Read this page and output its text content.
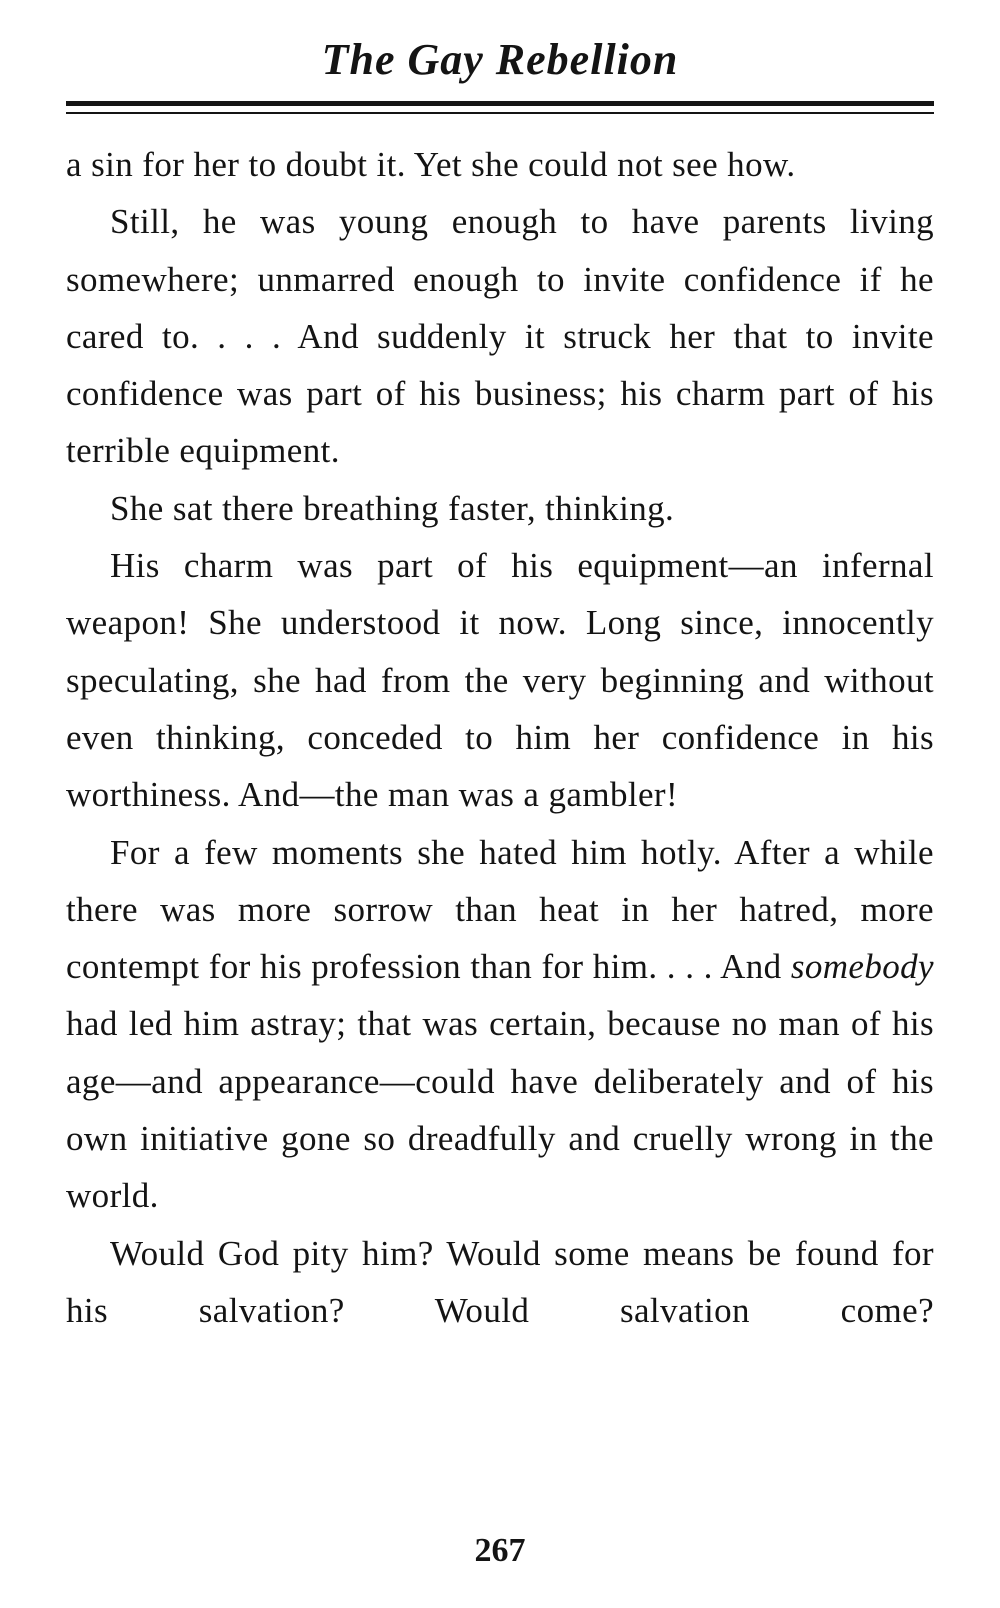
The Gay Rebellion

a sin for her to doubt it. Yet she could not see how.

Still, he was young enough to have parents living somewhere; unmarred enough to invite confidence if he cared to. . . . And suddenly it struck her that to invite confidence was part of his business; his charm part of his terrible equipment.

She sat there breathing faster, thinking.

His charm was part of his equipment—an infernal weapon! She understood it now. Long since, innocently speculating, she had from the very beginning and without even thinking, conceded to him her confidence in his worthiness. And—the man was a gambler!

For a few moments she hated him hotly. After a while there was more sorrow than heat in her hatred, more contempt for his profession than for him. . . . And somebody had led him astray; that was certain, because no man of his age—and appearance—could have deliberately and of his own initiative gone so dreadfully and cruelly wrong in the world.

Would God pity him? Would some means be found for his salvation? Would salvation come?

267
